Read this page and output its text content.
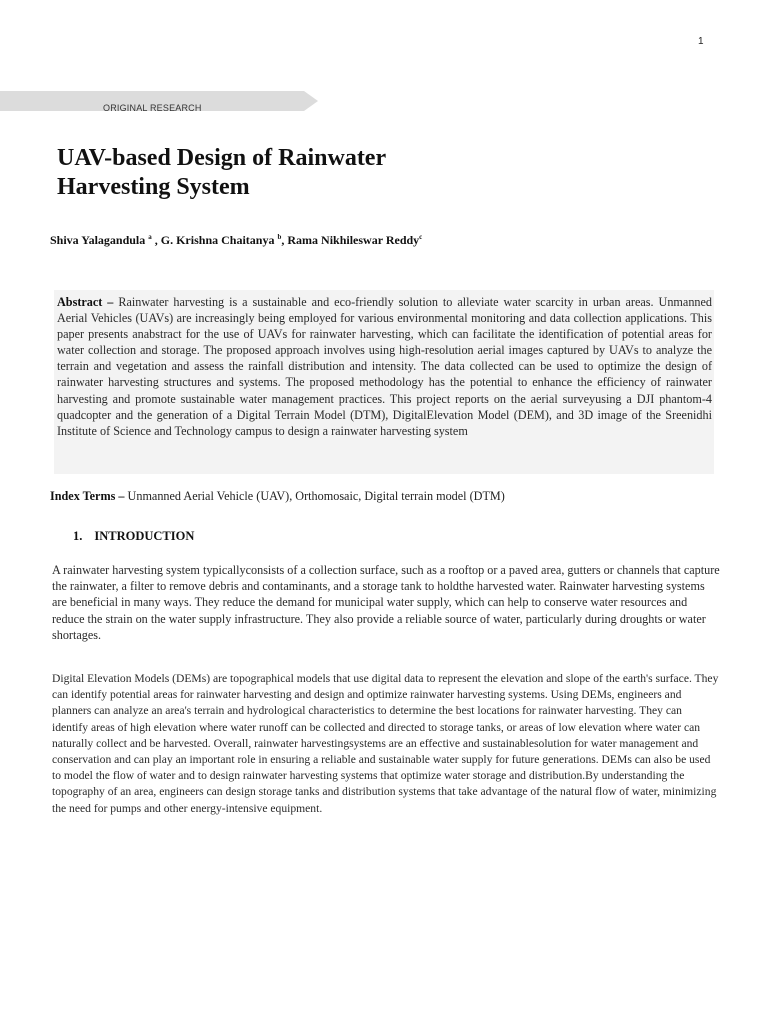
1
ORIGINAL RESEARCH
UAV-based Design of Rainwater
Harvesting System

Shiva Yalagandula $^a$ , G. Krishna Chaitanya $^b$, Rama Nikhileswar Reddy$^c$

Abstract – Rainwater harvesting is a sustainable and eco-friendly solution to alleviate water scarcity in urban areas. Unmanned Aerial Vehicles (UAVs) are increasingly being employed for various environmental monitoring and data collection applications. This paper presents anabstract for the use of UAVs for rainwater harvesting, which can facilitate the identification of potential areas for water collection and storage. The proposed approach involves using high-resolution aerial images captured by UAVs to analyze the terrain and vegetation and assess the rainfall distribution and intensity. The data collected can be used to optimize the design of rainwater harvesting structures and systems. The proposed methodology has the potential to enhance the efficiency of rainwater harvesting and promote sustainable water management practices. This project reports on the aerial surveyusing a DJI phantom-4 quadcopter and the generation of a Digital Terrain Model (DTM), DigitalElevation Model (DEM), and 3D image of the Sreenidhi Institute of Science and Technology campus to design a rainwater harvesting system

Index Terms – Unmanned Aerial Vehicle (UAV), Orthomosaic, Digital terrain model (DTM)

1. INTRODUCTION

A rainwater harvesting system typicallyconsists of a collection surface, such as a rooftop or a paved area, gutters or channels that capture the rainwater, a filter to remove debris and contaminants, and a storage tank to holdthe harvested water. Rainwater harvesting systems are beneficial in many ways. They reduce the demand for municipal water supply, which can help to conserve water resources and reduce the strain on the water supply infrastructure. They also provide a reliable source of water, particularly during droughts or water shortages.

Digital Elevation Models (DEMs) are topographical models that use digital data to represent the elevation and slope of the earth's surface. They can identify potential areas for rainwater harvesting and design and optimize rainwater harvesting systems. Using DEMs, engineers and planners can analyze an area's terrain and hydrological characteristics to determine the best locations for rainwater harvesting. They can identify areas of high elevation where water runoff can be collected and directed to storage tanks, or areas of low elevation where water can naturally collect and be harvested. Overall, rainwater harvestingsystems are an effective and sustainablesolution for water management and conservation and can play an important role in ensuring a reliable and sustainable water supply for future generations. DEMs can also be used to model the flow of water and to design rainwater harvesting systems that optimize water storage and distribution.By understanding the topography of an area, engineers can design storage tanks and distribution systems that take advantage of the natural flow of water, minimizing the need for pumps and other energy-intensive equipment.
